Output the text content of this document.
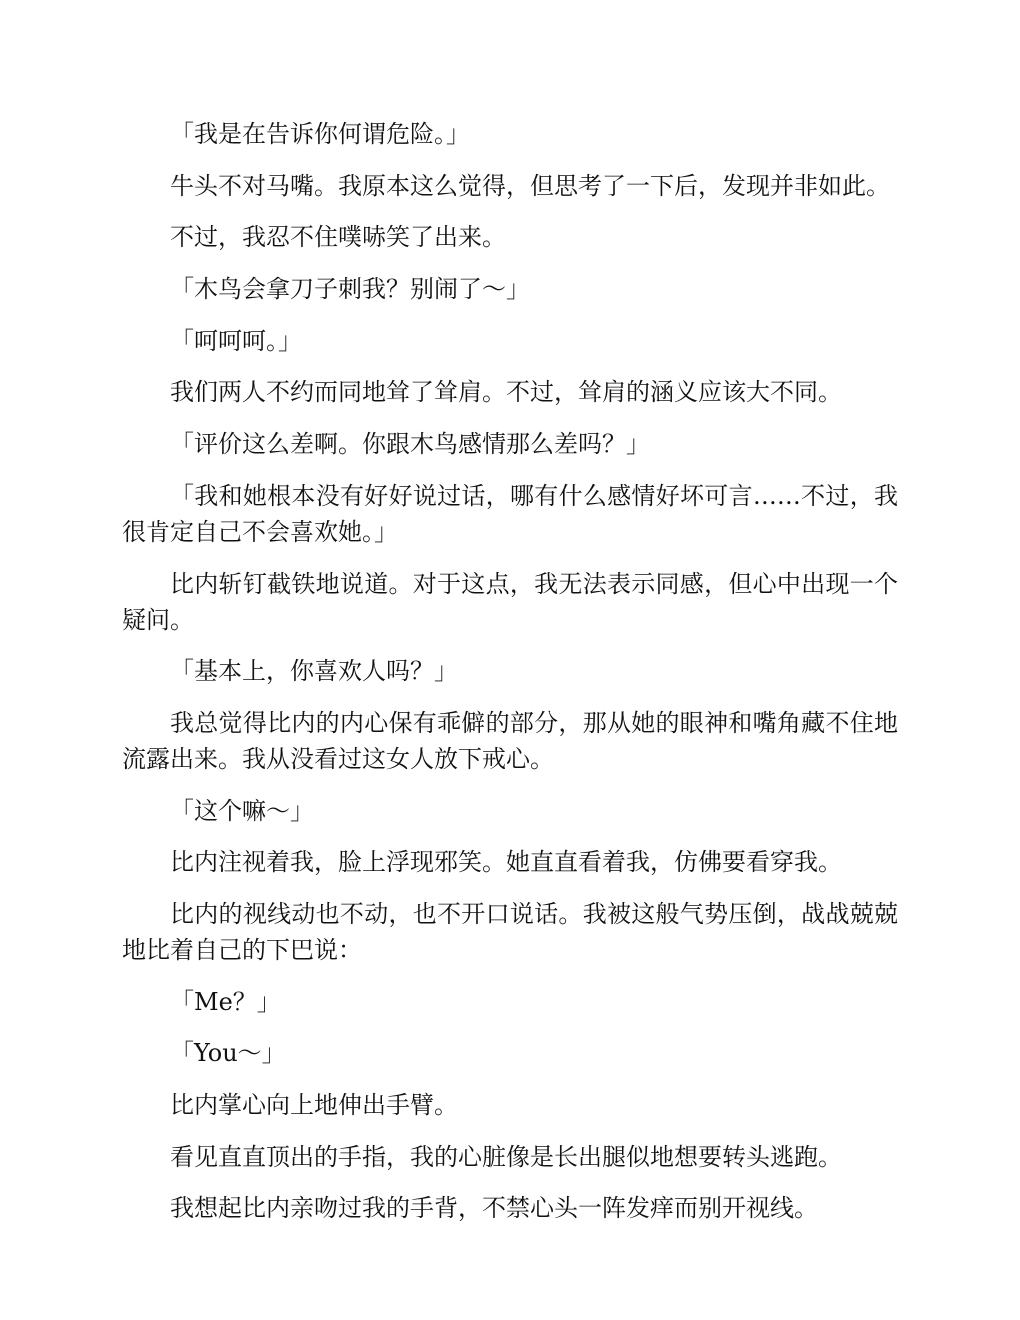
「我是在告诉你何谓危险。」

牛头不对马嘴。我原本这么觉得，但思考了一下后，发现并非如此。

不过，我忍不住噗哧笑了出来。

「木鸟会拿刀子刺我？别闹了～」

「呵呵呵。」

我们两人不约而同地耸了耸肩。不过，耸肩的涵义应该大不同。

「评价这么差啊。你跟木鸟感情那么差吗？」

「我和她根本没有好好说过话，哪有什么感情好坏可言……不过，我很肯定自己不会喜欢她。」

比内斩钉截铁地说道。对于这点，我无法表示同感，但心中出现一个疑问。

「基本上，你喜欢人吗？」

我总觉得比内的内心保有乖僻的部分，那从她的眼神和嘴角藏不住地流露出来。我从没看过这女人放下戒心。

「这个嘛～」

比内注视着我，脸上浮现邪笑。她直直看着我，仿佛要看穿我。

比内的视线动也不动，也不开口说话。我被这般气势压倒，战战兢兢地比着自己的下巴说：

「Me？」

「You～」

比内掌心向上地伸出手臂。

看见直直顶出的手指，我的心脏像是长出腿似地想要转头逃跑。

我想起比内亲吻过我的手背，不禁心头一阵发痒而别开视线。
